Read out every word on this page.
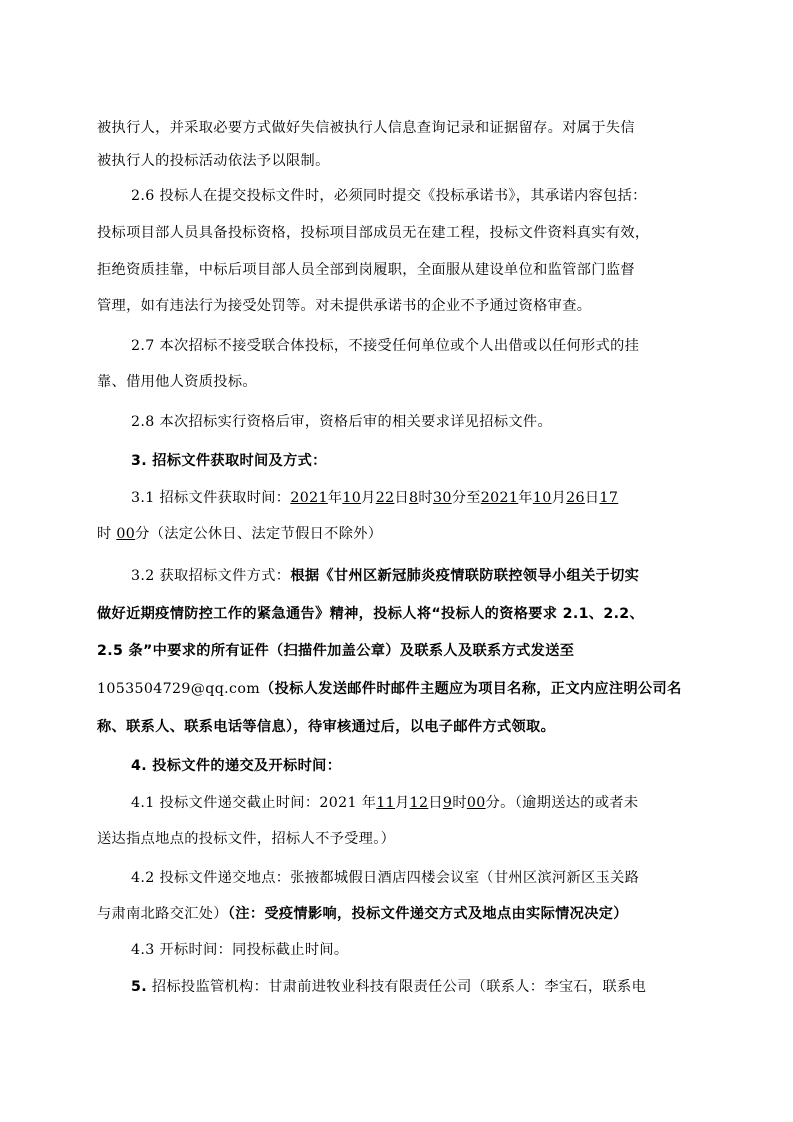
被执行人，并采取必要方式做好失信被执行人信息查询记录和证据留存。对属于失信
被执行人的投标活动依法予以限制。
2.6 投标人在提交投标文件时，必须同时提交《投标承诺书》，其承诺内容包括：
投标项目部人员具备投标资格，投标项目部成员无在建工程，投标文件资料真实有效，
拒绝资质挂靠，中标后项目部人员全部到岗履职，全面服从建设单位和监管部门监督
管理，如有违法行为接受处罚等。对未提供承诺书的企业不予通过资格审查。
2.7 本次招标不接受联合体投标，不接受任何单位或个人出借或以任何形式的挂
靠、借用他人资质投标。
2.8 本次招标实行资格后审，资格后审的相关要求详见招标文件。
3. 招标文件获取时间及方式：
3.1 招标文件获取时间：2021年10月22日8时30分至2021年10月26日17
时 00分（法定公休日、法定节假日不除外）
3.2 获取招标文件方式：根据《甘州区新冠肺炎疫情联防联控领导小组关于切实
做好近期疫情防控工作的紧急通告》精神，投标人将“投标人的资格要求 2.1、2.2、
2.5 条”中要求的所有证件（扫描件加盖公章）及联系人及联系方式发送至
1053504729@qq.com（投标人发送邮件时邮件主题应为项目名称，正文内应注明公司名
称、联系人、联系电话等信息），待审核通过后，以电子邮件方式领取。
4. 投标文件的递交及开标时间：
4.1 投标文件递交截止时间：2021 年11月12日9时00分。（逾期送达的或者未
送达指点地点的投标文件，招标人不予受理。）
4.2 投标文件递交地点：张掖都城假日酒店四楼会议室（甘州区滨河新区玉关路
与肃南北路交汇处）（注：受疫情影响，投标文件递交方式及地点由实际情况决定）
4.3 开标时间：同投标截止时间。
5. 招标投监管机构：甘肃前进牧业科技有限责任公司（联系人：李宝石，联系电
